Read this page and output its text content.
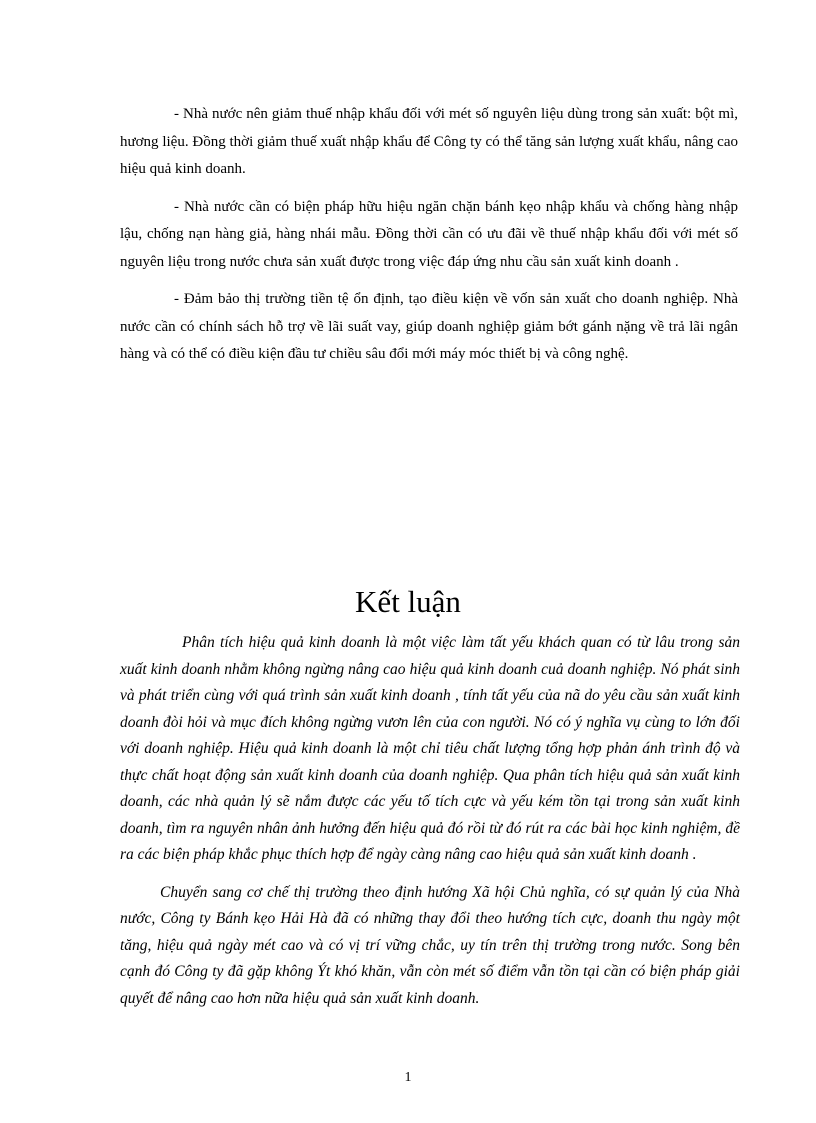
- Nhà nước nên giảm thuế nhập khẩu đối với mét số nguyên liệu dùng trong sản xuất: bột mì, hương liệu. Đồng thời giảm thuế xuất nhập khẩu để Công ty có thể tăng sản lượng xuất khẩu, nâng cao hiệu quả kinh doanh.

- Nhà nước cần có biện pháp hữu hiệu ngăn chặn bánh kẹo nhập khẩu và chống hàng nhập lậu, chống nạn hàng giả, hàng nhái mẫu. Đồng thời cần có ưu đãi về thuế nhập khẩu đối với mét số nguyên liệu trong nước chưa sản xuất được trong việc đáp ứng nhu cầu sản xuất kinh doanh .

- Đảm bảo thị trường tiền tệ ổn định, tạo điều kiện về vốn sản xuất cho doanh nghiệp. Nhà nước cần có chính sách hỗ trợ về lãi suất vay, giúp doanh nghiệp giảm bớt gánh nặng về trả lãi ngân hàng và có thể có điều kiện đầu tư chiều sâu đổi mới máy móc thiết bị và công nghệ.

Kết luận

Phân tích hiệu quả kinh doanh là một việc làm tất yếu khách quan có từ lâu trong sản xuất kinh doanh nhằm không ngừng nâng cao hiệu quả kinh doanh cuả doanh nghiệp. Nó phát sinh và phát triển cùng với quá trình sản xuất kinh doanh , tính tất yếu của nã do yêu cầu sản xuất kinh doanh đòi hỏi và mục đích không ngừng vươn lên của con người. Nó có ý nghĩa vụ cùng to lớn đối với doanh nghiệp. Hiệu quả kinh doanh là một chỉ tiêu chất lượng tổng hợp phản ánh trình độ và thực chất hoạt động sản xuất kinh doanh của doanh nghiệp. Qua phân tích hiệu quả sản xuất kinh doanh, các nhà quản lý sẽ nắm được các yếu tố tích cực và yếu kém tồn tại trong sản xuất kinh doanh, tìm ra nguyên nhân ảnh hưởng đến hiệu quả đó rồi từ đó rút ra các bài học kinh nghiệm, đề ra các biện pháp khắc phục thích hợp để ngày càng nâng cao hiệu quả sản xuất kinh doanh .

Chuyển sang cơ chế thị trường theo định hướng Xã hội Chủ nghĩa, có sự quản lý của Nhà nước, Công ty Bánh kẹo Hải Hà đã có những thay đổi theo hướng tích cực, doanh thu ngày một tăng, hiệu quả ngày mét cao và có vị trí vững chắc, uy tín trên thị trường trong nước. Song bên cạnh đó Công ty đã gặp không Ýt khó khăn, vẫn còn mét số điểm vẫn tồn tại cần có biện pháp giải quyết để nâng cao hơn nữa hiệu quả sản xuất kinh doanh.

1
